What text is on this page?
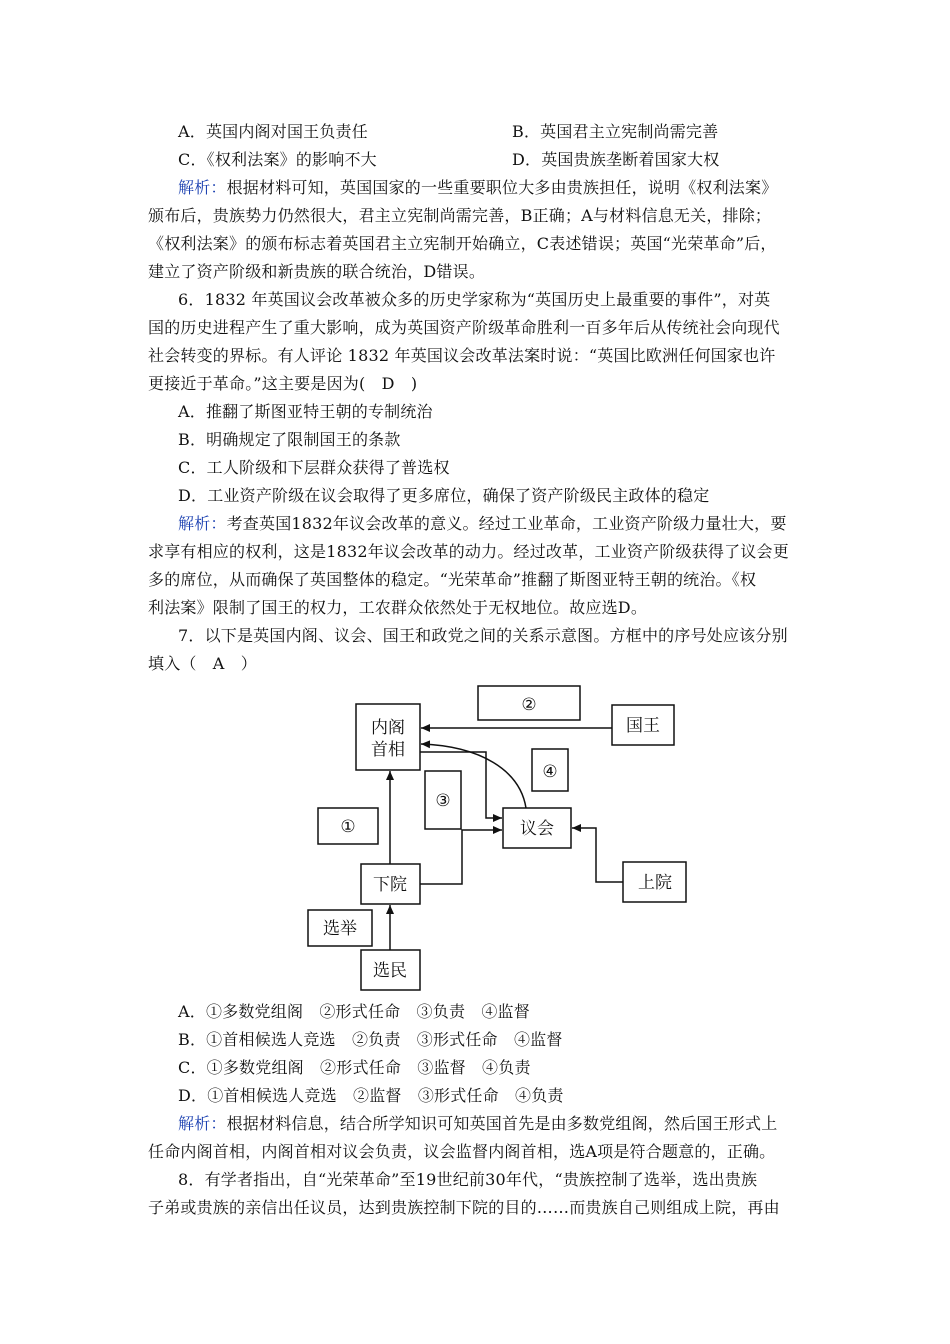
A．英国内阁对国王负责任	B．英国君主立宪制尚需完善
C．《权利法案》的影响不大	D．英国贵族垄断着国家大权
解析：根据材料可知，英国国家的一些重要职位大多由贵族担任，说明《权利法案》
颁布后，贵族势力仍然很大，君主立宪制尚需完善，B正确；A与材料信息无关，排除；
《权利法案》的颁布标志着英国君主立宪制开始确立，C表述错误；英国“光荣革命”后，
建立了资产阶级和新贵族的联合统治，D错误。
6．1832 年英国议会改革被众多的历史学家称为“英国历史上最重要的事件”，对英
国的历史进程产生了重大影响，成为英国资产阶级革命胜利一百多年后从传统社会向现代
社会转变的界标。有人评论 1832 年英国议会改革法案时说：“英国比欧洲任何国家也许
更接近于革命。”这主要是因为(　D　)
A．推翻了斯图亚特王朝的专制统治
B．明确规定了限制国王的条款
C．工人阶级和下层群众获得了普选权
D．工业资产阶级在议会取得了更多席位，确保了资产阶级民主政体的稳定
解析：考查英国1832年议会改革的意义。经过工业革命，工业资产阶级力量壮大，要
求享有相应的权利，这是1832年议会改革的动力。经过改革，工业资产阶级获得了议会更
多的席位，从而确保了英国整体的稳定。“光荣革命”推翻了斯图亚特王朝的统治。《权
利法案》限制了国王的权力，工农群众依然处于无权地位。故应选D。
7．以下是英国内阁、议会、国王和政党之间的关系示意图。方框中的序号处应该分别
填入（　A　）
内阁
首相
②
国王
③
④
议会
①
下院	上院
选举
选民
A．①多数党组阁　②形式任命　③负责　④监督
B．①首相候选人竞选　②负责　③形式任命　④监督
C．①多数党组阁　②形式任命　③监督　④负责
D．①首相候选人竞选　②监督　③形式任命　④负责
解析：根据材料信息，结合所学知识可知英国首先是由多数党组阁，然后国王形式上
任命内阁首相，内阁首相对议会负责，议会监督内阁首相，选A项是符合题意的，正确。
8．有学者指出，自“光荣革命”至19世纪前30年代，“贵族控制了选举，选出贵族
子弟或贵族的亲信出任议员，达到贵族控制下院的目的……而贵族自己则组成上院，再由
